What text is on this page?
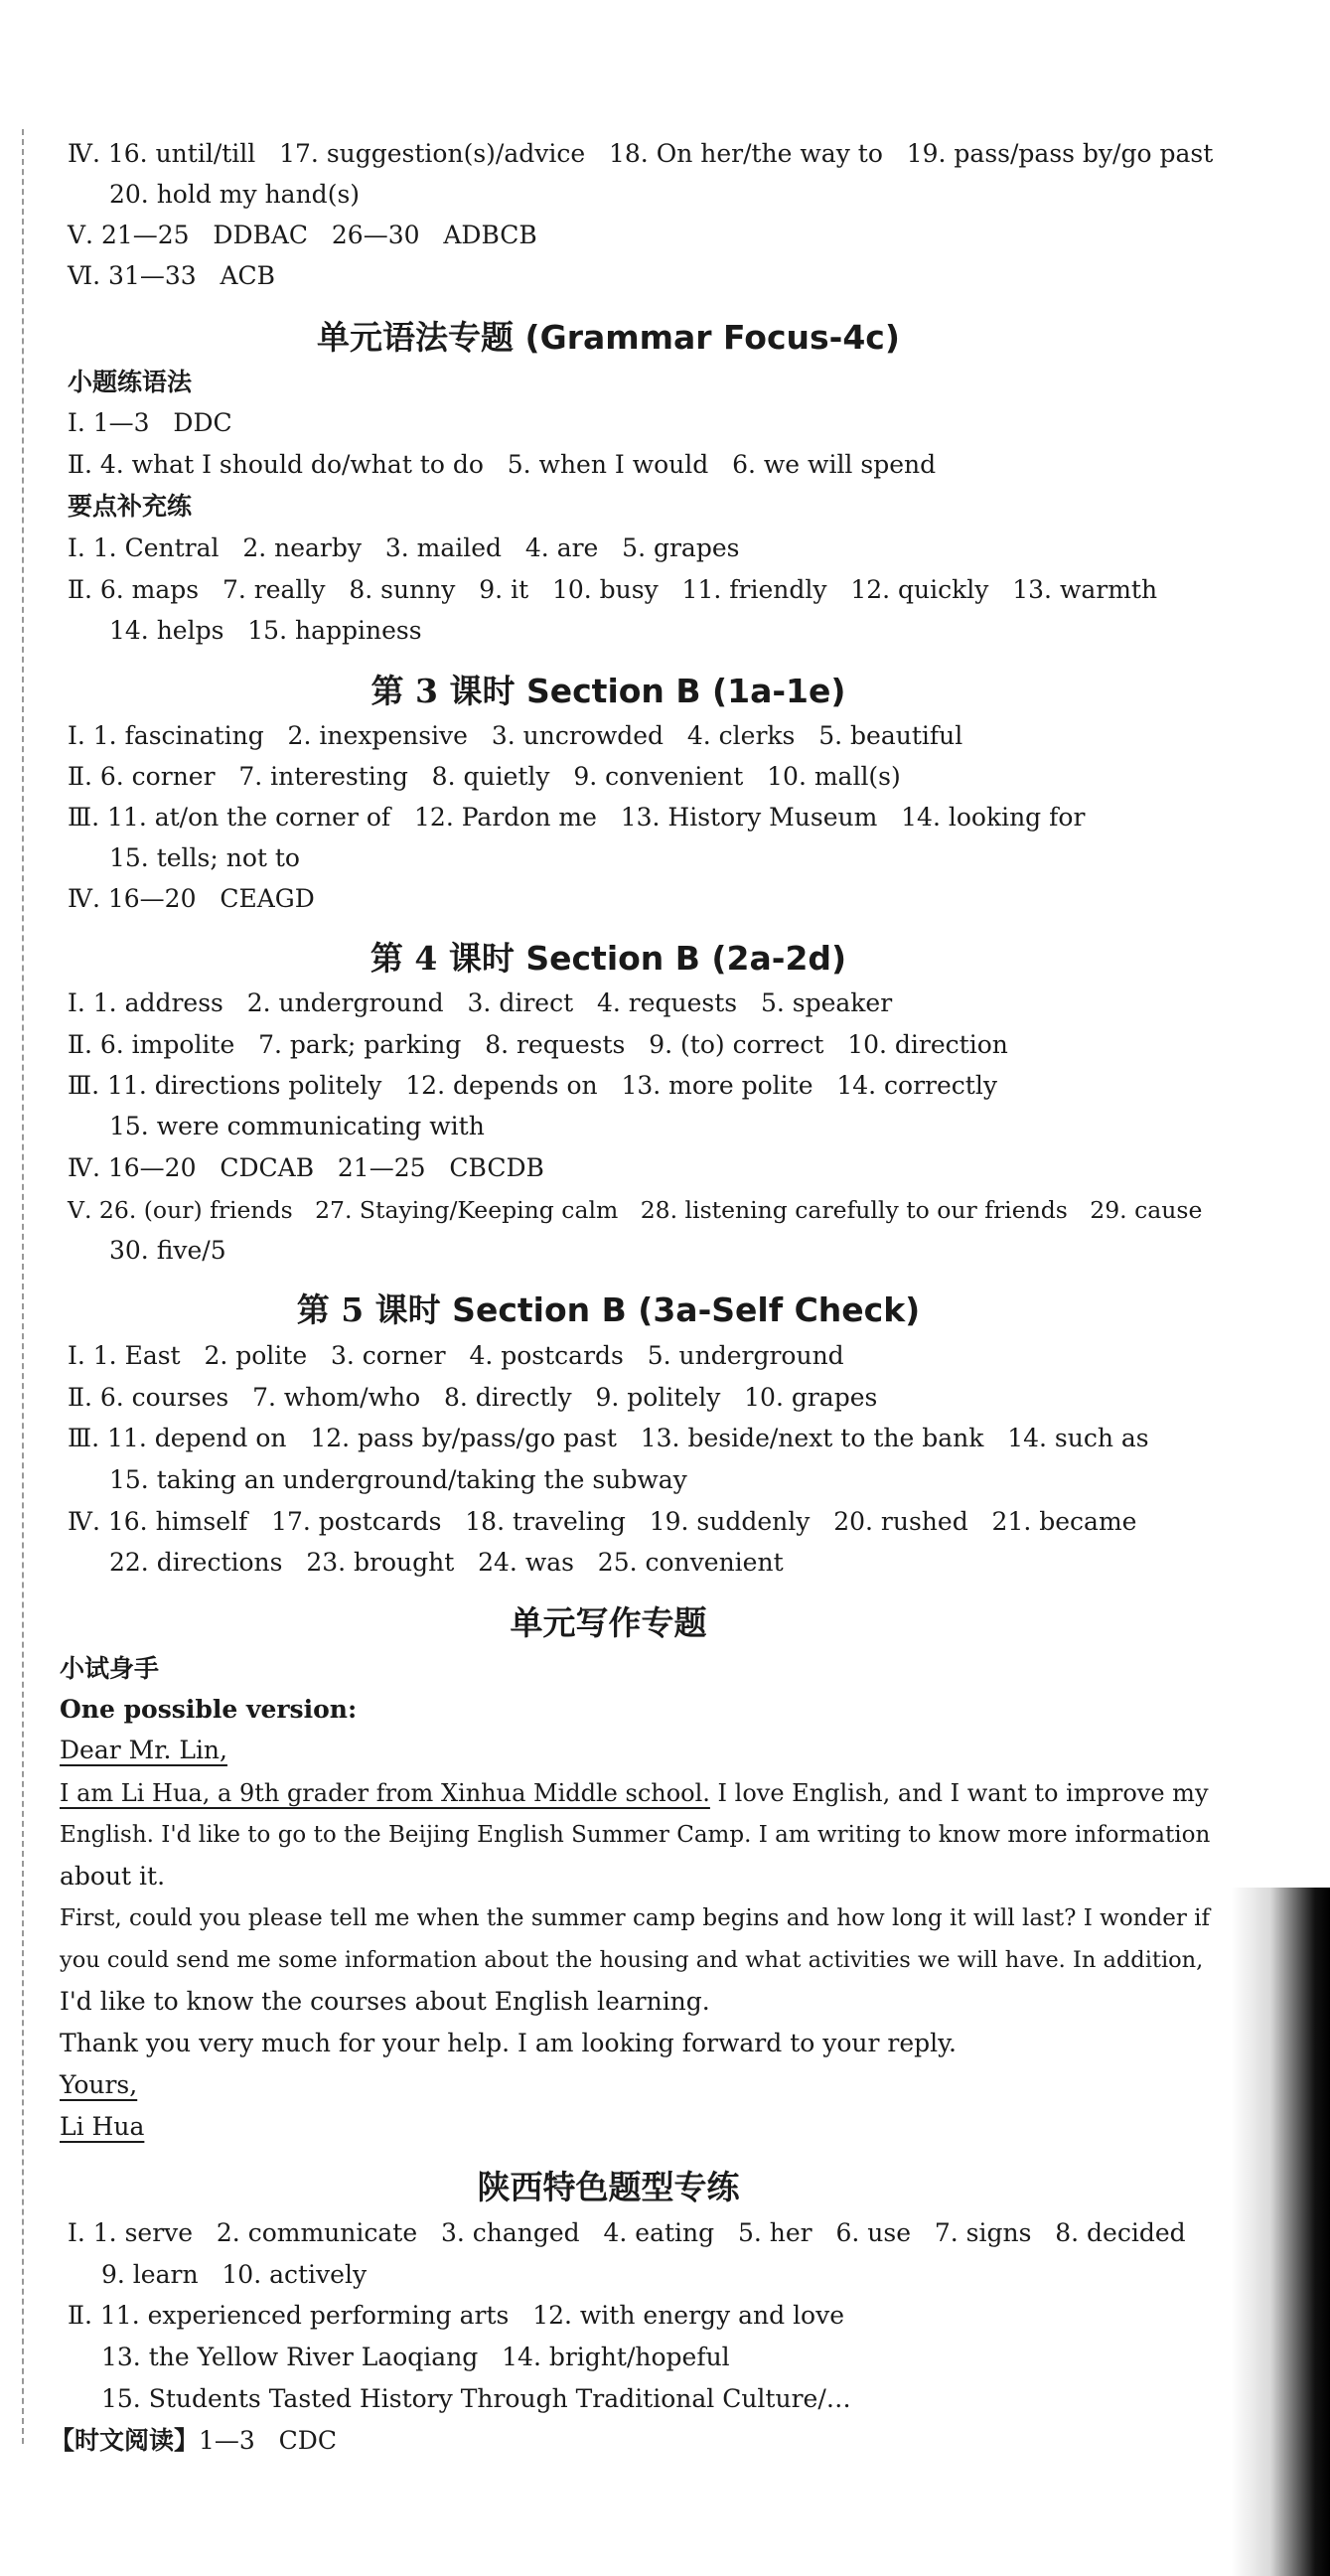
Ⅳ. 16. until/till   17. suggestion(s)/advice   18. On her/the way to   19. pass/pass by/go past
20. hold my hand(s)
Ⅴ. 21—25   DDBAC   26—30   ADBCB
Ⅵ. 31—33   ACB
单元语法专题 (Grammar Focus-4c)
小题练语法
Ⅰ. 1—3   DDC
Ⅱ. 4. what I should do/what to do   5. when I would   6. we will spend
要点补充练
Ⅰ. 1. Central   2. nearby   3. mailed   4. are   5. grapes
Ⅱ. 6. maps   7. really   8. sunny   9. it   10. busy   11. friendly   12. quickly   13. warmth
14. helps   15. happiness
第 3 课时 Section B (1a-1e)
Ⅰ. 1. fascinating   2. inexpensive   3. uncrowded   4. clerks   5. beautiful
Ⅱ. 6. corner   7. interesting   8. quietly   9. convenient   10. mall(s)
Ⅲ. 11. at/on the corner of   12. Pardon me   13. History Museum   14. looking for
15. tells; not to
Ⅳ. 16—20   CEAGD
第 4 课时 Section B (2a-2d)
Ⅰ. 1. address   2. underground   3. direct   4. requests   5. speaker
Ⅱ. 6. impolite   7. park; parking   8. requests   9. (to) correct   10. direction
Ⅲ. 11. directions politely   12. depends on   13. more polite   14. correctly
15. were communicating with
Ⅳ. 16—20   CDCAB   21—25   CBCDB
Ⅴ. 26. (our) friends   27. Staying/Keeping calm   28. listening carefully to our friends   29. cause
30. five/5
第 5 课时 Section B (3a-Self Check)
Ⅰ. 1. East   2. polite   3. corner   4. postcards   5. underground
Ⅱ. 6. courses   7. whom/who   8. directly   9. politely   10. grapes
Ⅲ. 11. depend on   12. pass by/pass/go past   13. beside/next to the bank   14. such as
15. taking an underground/taking the subway
Ⅳ. 16. himself   17. postcards   18. traveling   19. suddenly   20. rushed   21. became
22. directions   23. brought   24. was   25. convenient
单元写作专题
小试身手
One possible version:
Dear Mr. Lin,
I am Li Hua, a 9th grader from Xinhua Middle school. I love English, and I want to improve my
English. I'd like to go to the Beijing English Summer Camp. I am writing to know more information
about it.
First, could you please tell me when the summer camp begins and how long it will last? I wonder if
you could send me some information about the housing and what activities we will have. In addition,
I'd like to know the courses about English learning.
Thank you very much for your help. I am looking forward to your reply.
Yours,
Li Hua
陕西特色题型专练
Ⅰ. 1. serve   2. communicate   3. changed   4. eating   5. her   6. use   7. signs   8. decided
9. learn   10. actively
Ⅱ. 11. experienced performing arts   12. with energy and love
13. the Yellow River Laoqiang   14. bright/hopeful
15. Students Tasted History Through Traditional Culture/…
【时文阅读】1—3   CDC
